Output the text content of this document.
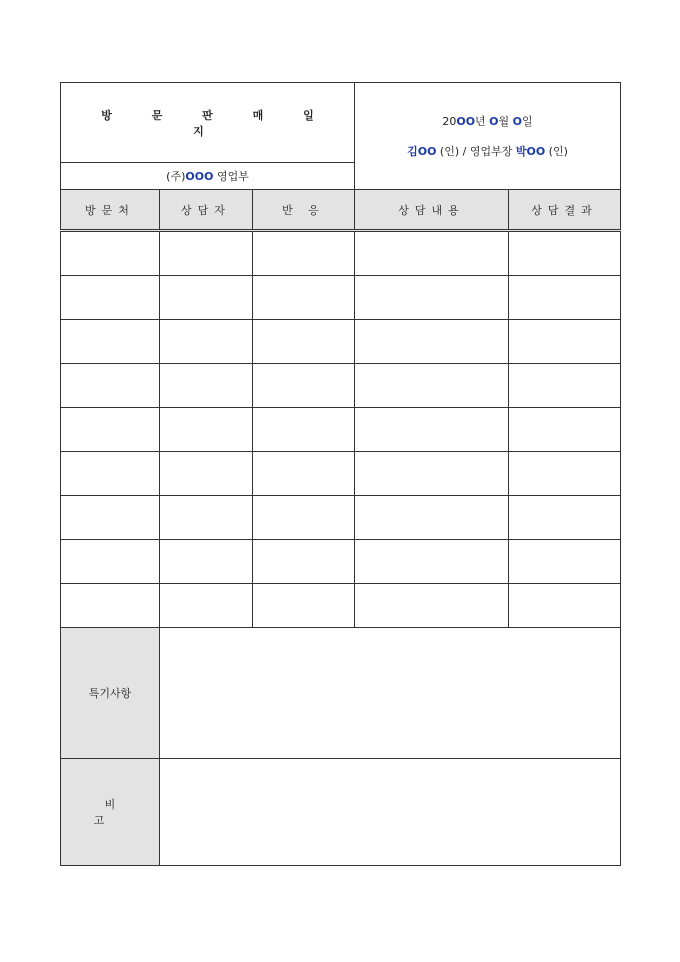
방 문 판 매 일 지			20OO년 O월 O일
김OO (인) / 영업부장 박OO (인)	

(주)OOO 영업부				
방문처	상담자	반 응	상담내용	상담결과

특기사항				
비 고				
